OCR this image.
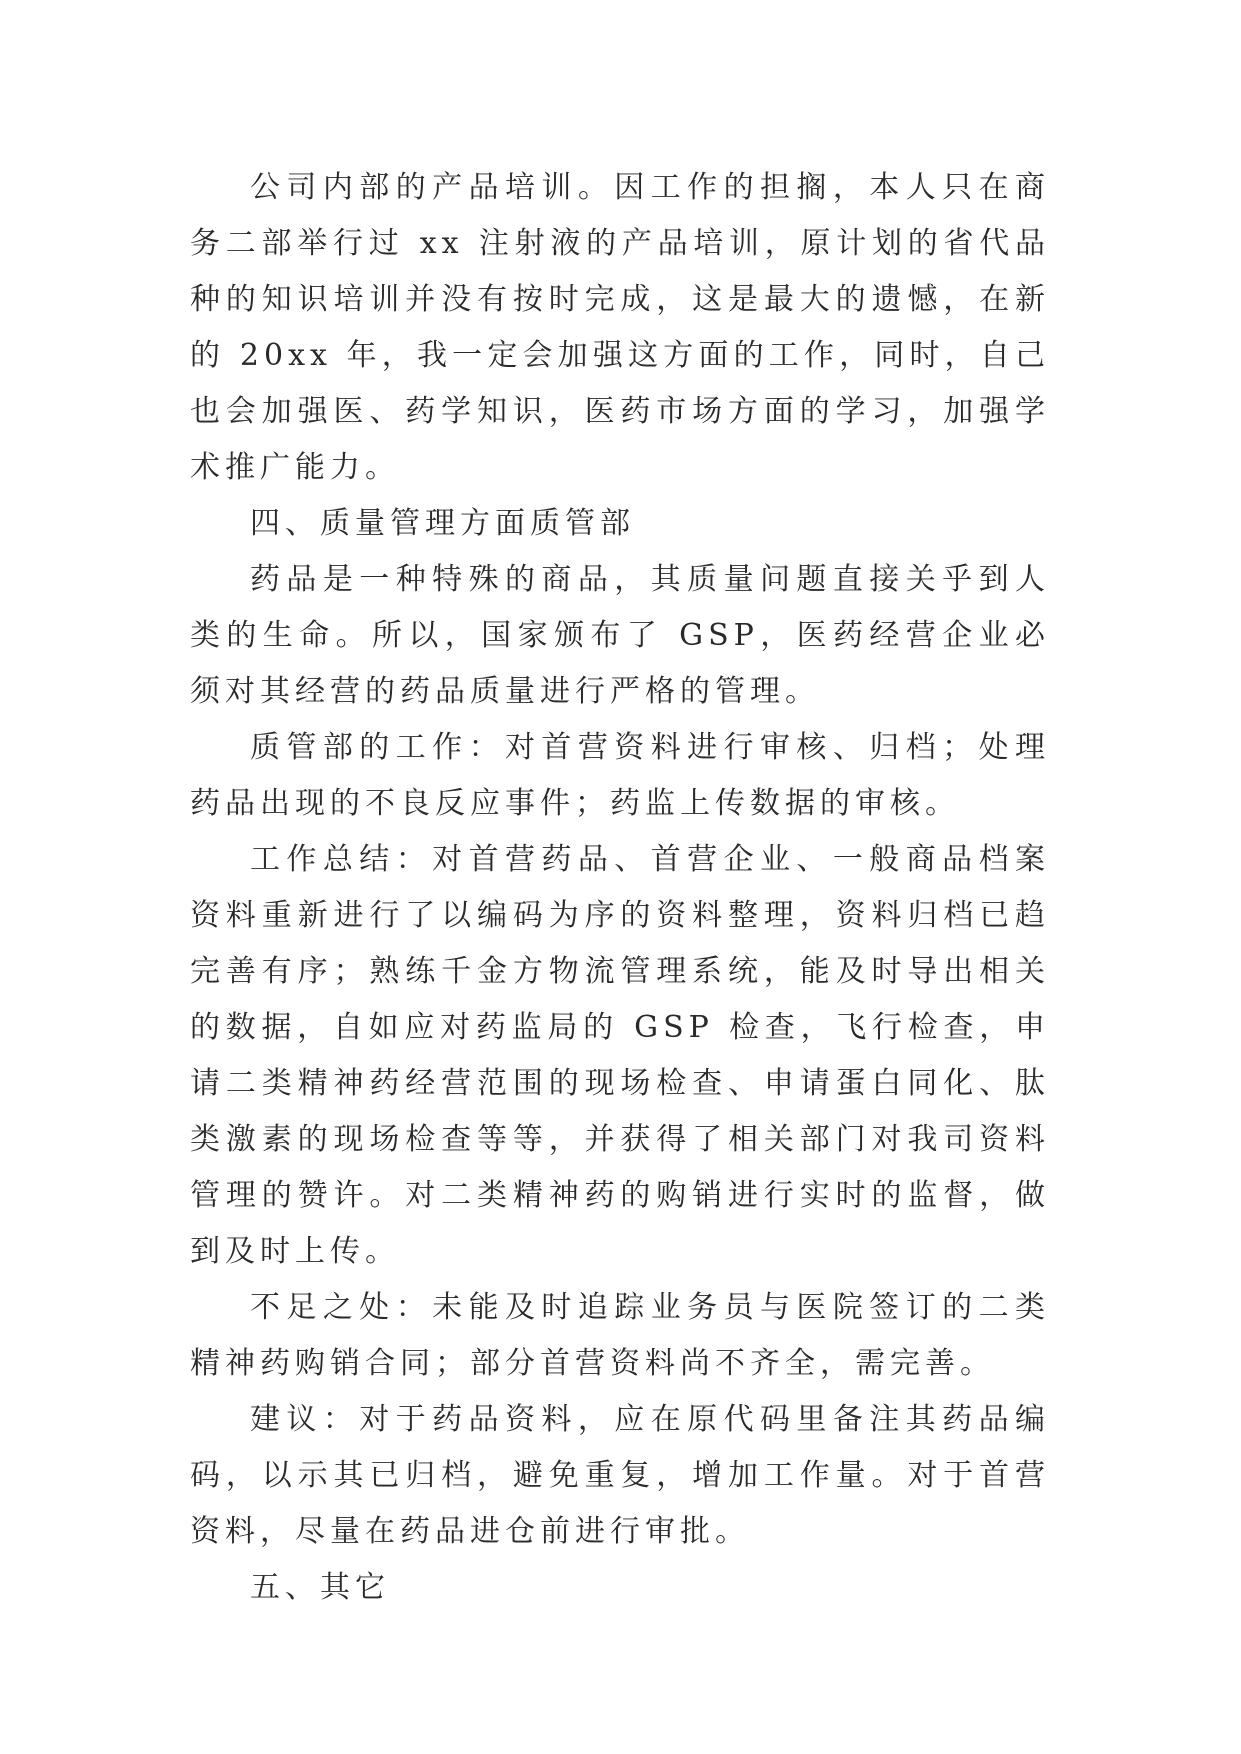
公司内部的产品培训。因工作的担搁，本人只在商务二部举行过 xx 注射液的产品培训，原计划的省代品种的知识培训并没有按时完成，这是最大的遗憾，在新的 20xx 年，我一定会加强这方面的工作，同时，自己也会加强医、药学知识，医药市场方面的学习，加强学术推广能力。

四、质量管理方面质管部

药品是一种特殊的商品，其质量问题直接关乎到人类的生命。所以，国家颁布了 GSP，医药经营企业必须对其经营的药品质量进行严格的管理。

质管部的工作：对首营资料进行审核、归档；处理药品出现的不良反应事件；药监上传数据的审核。

工作总结：对首营药品、首营企业、一般商品档案资料重新进行了以编码为序的资料整理，资料归档已趋完善有序；熟练千金方物流管理系统，能及时导出相关的数据，自如应对药监局的 GSP 检查，飞行检查，申请二类精神药经营范围的现场检查、申请蛋白同化、肽类激素的现场检查等等，并获得了相关部门对我司资料管理的赞许。对二类精神药的购销进行实时的监督，做到及时上传。

不足之处：未能及时追踪业务员与医院签订的二类精神药购销合同；部分首营资料尚不齐全，需完善。

建议：对于药品资料，应在原代码里备注其药品编码，以示其已归档，避免重复，增加工作量。对于首营资料，尽量在药品进仓前进行审批。

五、其它
